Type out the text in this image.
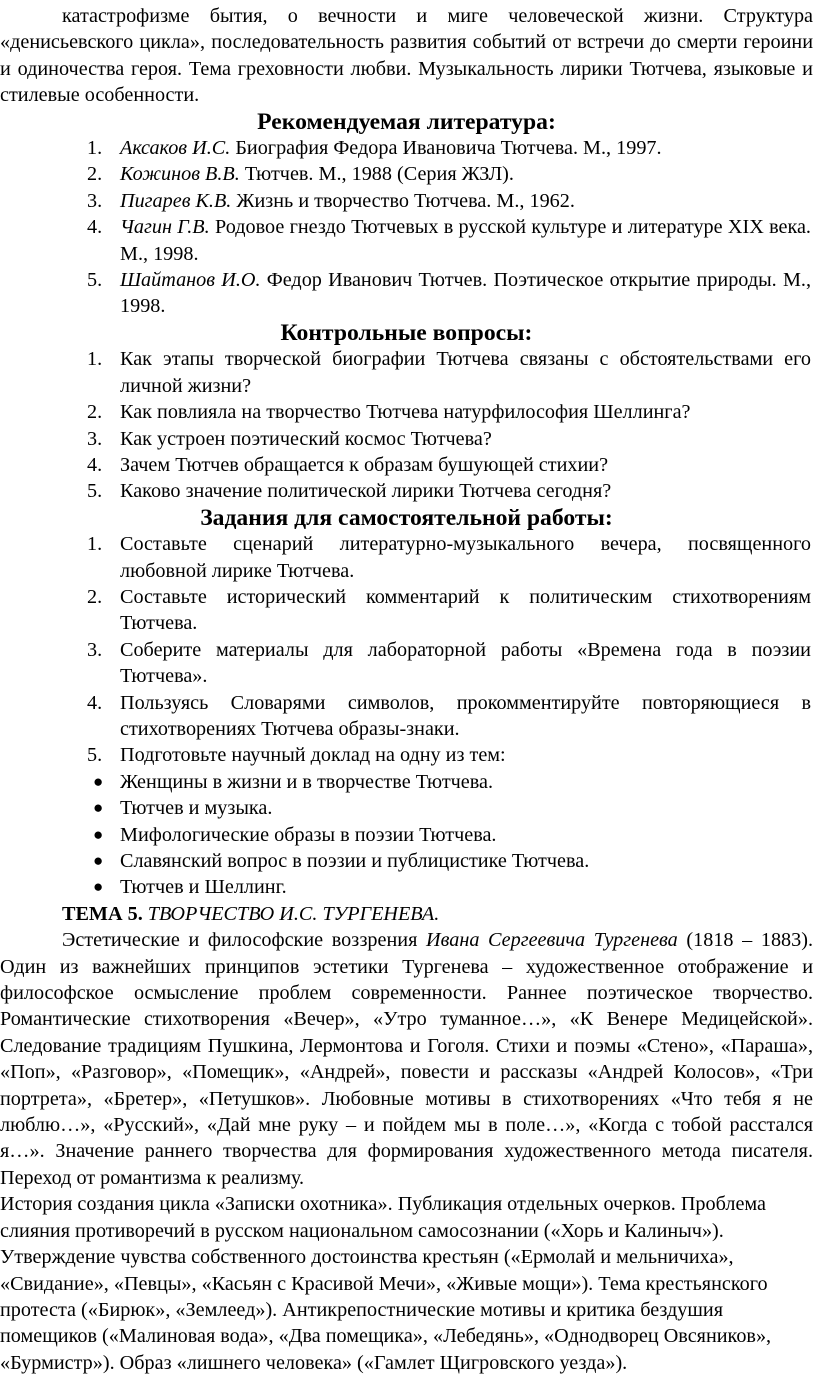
катастрофизме бытия, о вечности и миге человеческой жизни. Структура «денисьевского цикла», последовательность развития событий от встречи до смерти героини и одиночества героя. Тема греховности любви. Музыкальность лирики Тютчева, языковые и стилевые особенности.

Рекомендуемая литература:
1. Аксаков И.С. Биография Федора Ивановича Тютчева. М., 1997.
2. Кожинов В.В. Тютчев. М., 1988 (Серия ЖЗЛ).
3. Пигарев К.В. Жизнь и творчество Тютчева. М., 1962.
4. Чагин Г.В. Родовое гнездо Тютчевых в русской культуре и литературе XIX века. М., 1998.
5. Шайтанов И.О. Федор Иванович Тютчев. Поэтическое открытие природы. М., 1998.
Контрольные вопросы:
1. Как этапы творческой биографии Тютчева связаны с обстоятельствами его личной жизни?
2. Как повлияла на творчество Тютчева натурфилософия Шеллинга?
3. Как устроен поэтический космос Тютчева?
4. Зачем Тютчев обращается к образам бушующей стихии?
5. Каково значение политической лирики Тютчева сегодня?
Задания для самостоятельной работы:
1. Составьте сценарий литературно-музыкального вечера, посвященного любовной лирике Тютчева.
2. Составьте исторический комментарий к политическим стихотворениям Тютчева.
3. Соберите материалы для лабораторной работы «Времена года в поэзии Тютчева».
4. Пользуясь Словарями символов, прокомментируйте повторяющиеся в стихотворениях Тютчева образы-знаки.
5. Подготовьте научный доклад на одну из тем:
● Женщины в жизни и в творчестве Тютчева.
● Тютчев и музыка.
● Мифологические образы в поэзии Тютчева.
● Славянский вопрос в поэзии и публицистике Тютчева.
● Тютчев и Шеллинг.

ТЕМА 5. ТВОРЧЕСТВО И.С. ТУРГЕНЕВА.

Эстетические и философские воззрения Ивана Сергеевича Тургенева (1818 – 1883). Один из важнейших принципов эстетики Тургенева – художественное отображение и философское осмысление проблем современности. Раннее поэтическое творчество. Романтические стихотворения «Вечер», «Утро туманное…», «К Венере Медицейской». Следование традициям Пушкина, Лермонтова и Гоголя. Стихи и поэмы «Стено», «Параша», «Поп», «Разговор», «Помещик», «Андрей», повести и рассказы «Андрей Колосов», «Три портрета», «Бретер», «Петушков». Любовные мотивы в стихотворениях «Что тебя я не люблю…», «Русский», «Дай мне руку – и пойдем мы в поле…», «Когда с тобой расстался я…». Значение раннего творчества для формирования художественного метода писателя. Переход от романтизма к реализму.

История создания цикла «Записки охотника». Публикация отдельных очерков. Проблема слияния противоречий в русском национальном самосознании («Хорь и Калиныч»). Утверждение чувства собственного достоинства крестьян («Ермолай и мельничиха», «Свидание», «Певцы», «Касьян с Красивой Мечи», «Живые мощи»). Тема крестьянского протеста («Бирюк», «Землеед»). Антикрепостнические мотивы и критика бездушия помещиков («Малиновая вода», «Два помещика», «Лебедянь», «Однодворец Овсяников», «Бурмистр»). Образ «лишнего человека» («Гамлет Щигровского уезда»).
